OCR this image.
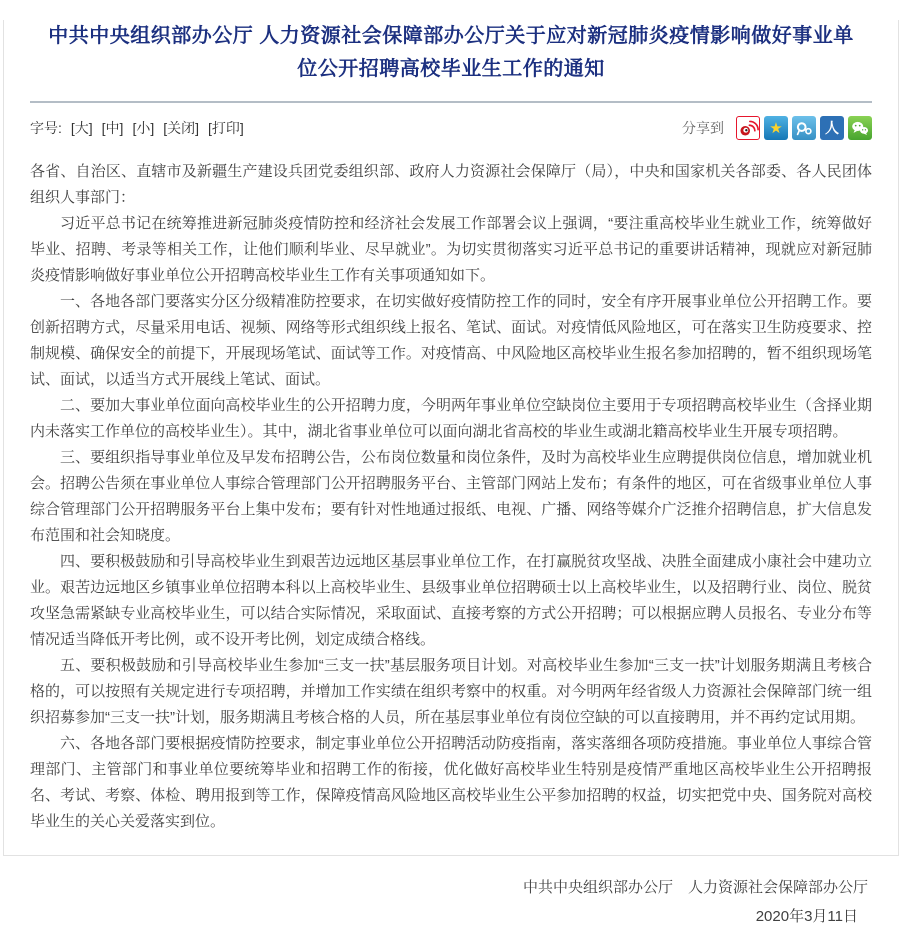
中共中央组织部办公厅 人力资源社会保障部办公厅关于应对新冠肺炎疫情影响做好事业单位公开招聘高校毕业生工作的通知
字号: [大] [中] [小] [关闭] [打印]	分享到	★	人

各省、自治区、直辖市及新疆生产建设兵团党委组织部、政府人力资源社会保障厅（局），中央和国家机关各部委、各人民团体组织人事部门：

习近平总书记在统筹推进新冠肺炎疫情防控和经济社会发展工作部署会议上强调，“要注重高校毕业生就业工作，统筹做好毕业、招聘、考录等相关工作，让他们顺利毕业、尽早就业”。为切实贯彻落实习近平总书记的重要讲话精神，现就应对新冠肺炎疫情影响做好事业单位公开招聘高校毕业生工作有关事项通知如下。

一、各地各部门要落实分区分级精准防控要求，在切实做好疫情防控工作的同时，安全有序开展事业单位公开招聘工作。要创新招聘方式，尽量采用电话、视频、网络等形式组织线上报名、笔试、面试。对疫情低风险地区，可在落实卫生防疫要求、控制规模、确保安全的前提下，开展现场笔试、面试等工作。对疫情高、中风险地区高校毕业生报名参加招聘的，暂不组织现场笔试、面试，以适当方式开展线上笔试、面试。

二、要加大事业单位面向高校毕业生的公开招聘力度，今明两年事业单位空缺岗位主要用于专项招聘高校毕业生（含择业期内未落实工作单位的高校毕业生）。其中，湖北省事业单位可以面向湖北省高校的毕业生或湖北籍高校毕业生开展专项招聘。

三、要组织指导事业单位及早发布招聘公告，公布岗位数量和岗位条件，及时为高校毕业生应聘提供岗位信息，增加就业机会。招聘公告须在事业单位人事综合管理部门公开招聘服务平台、主管部门网站上发布；有条件的地区，可在省级事业单位人事综合管理部门公开招聘服务平台上集中发布；要有针对性地通过报纸、电视、广播、网络等媒介广泛推介招聘信息，扩大信息发布范围和社会知晓度。

四、要积极鼓励和引导高校毕业生到艰苦边远地区基层事业单位工作，在打赢脱贫攻坚战、决胜全面建成小康社会中建功立业。艰苦边远地区乡镇事业单位招聘本科以上高校毕业生、县级事业单位招聘硕士以上高校毕业生，以及招聘行业、岗位、脱贫攻坚急需紧缺专业高校毕业生，可以结合实际情况，采取面试、直接考察的方式公开招聘；可以根据应聘人员报名、专业分布等情况适当降低开考比例，或不设开考比例，划定成绩合格线。

五、要积极鼓励和引导高校毕业生参加“三支一扶”基层服务项目计划。对高校毕业生参加“三支一扶”计划服务期满且考核合格的，可以按照有关规定进行专项招聘，并增加工作实绩在组织考察中的权重。对今明两年经省级人力资源社会保障部门统一组织招募参加“三支一扶”计划，服务期满且考核合格的人员，所在基层事业单位有岗位空缺的可以直接聘用，并不再约定试用期。

六、各地各部门要根据疫情防控要求，制定事业单位公开招聘活动防疫指南，落实落细各项防疫措施。事业单位人事综合管理部门、主管部门和事业单位要统筹毕业和招聘工作的衔接，优化做好高校毕业生特别是疫情严重地区高校毕业生公开招聘报名、考试、考察、体检、聘用报到等工作，保障疫情高风险地区高校毕业生公平参加招聘的权益，切实把党中央、国务院对高校毕业生的关心关爱落实到位。

中共中央组织部办公厅　人力资源社会保障部办公厅

2020年3月11日
